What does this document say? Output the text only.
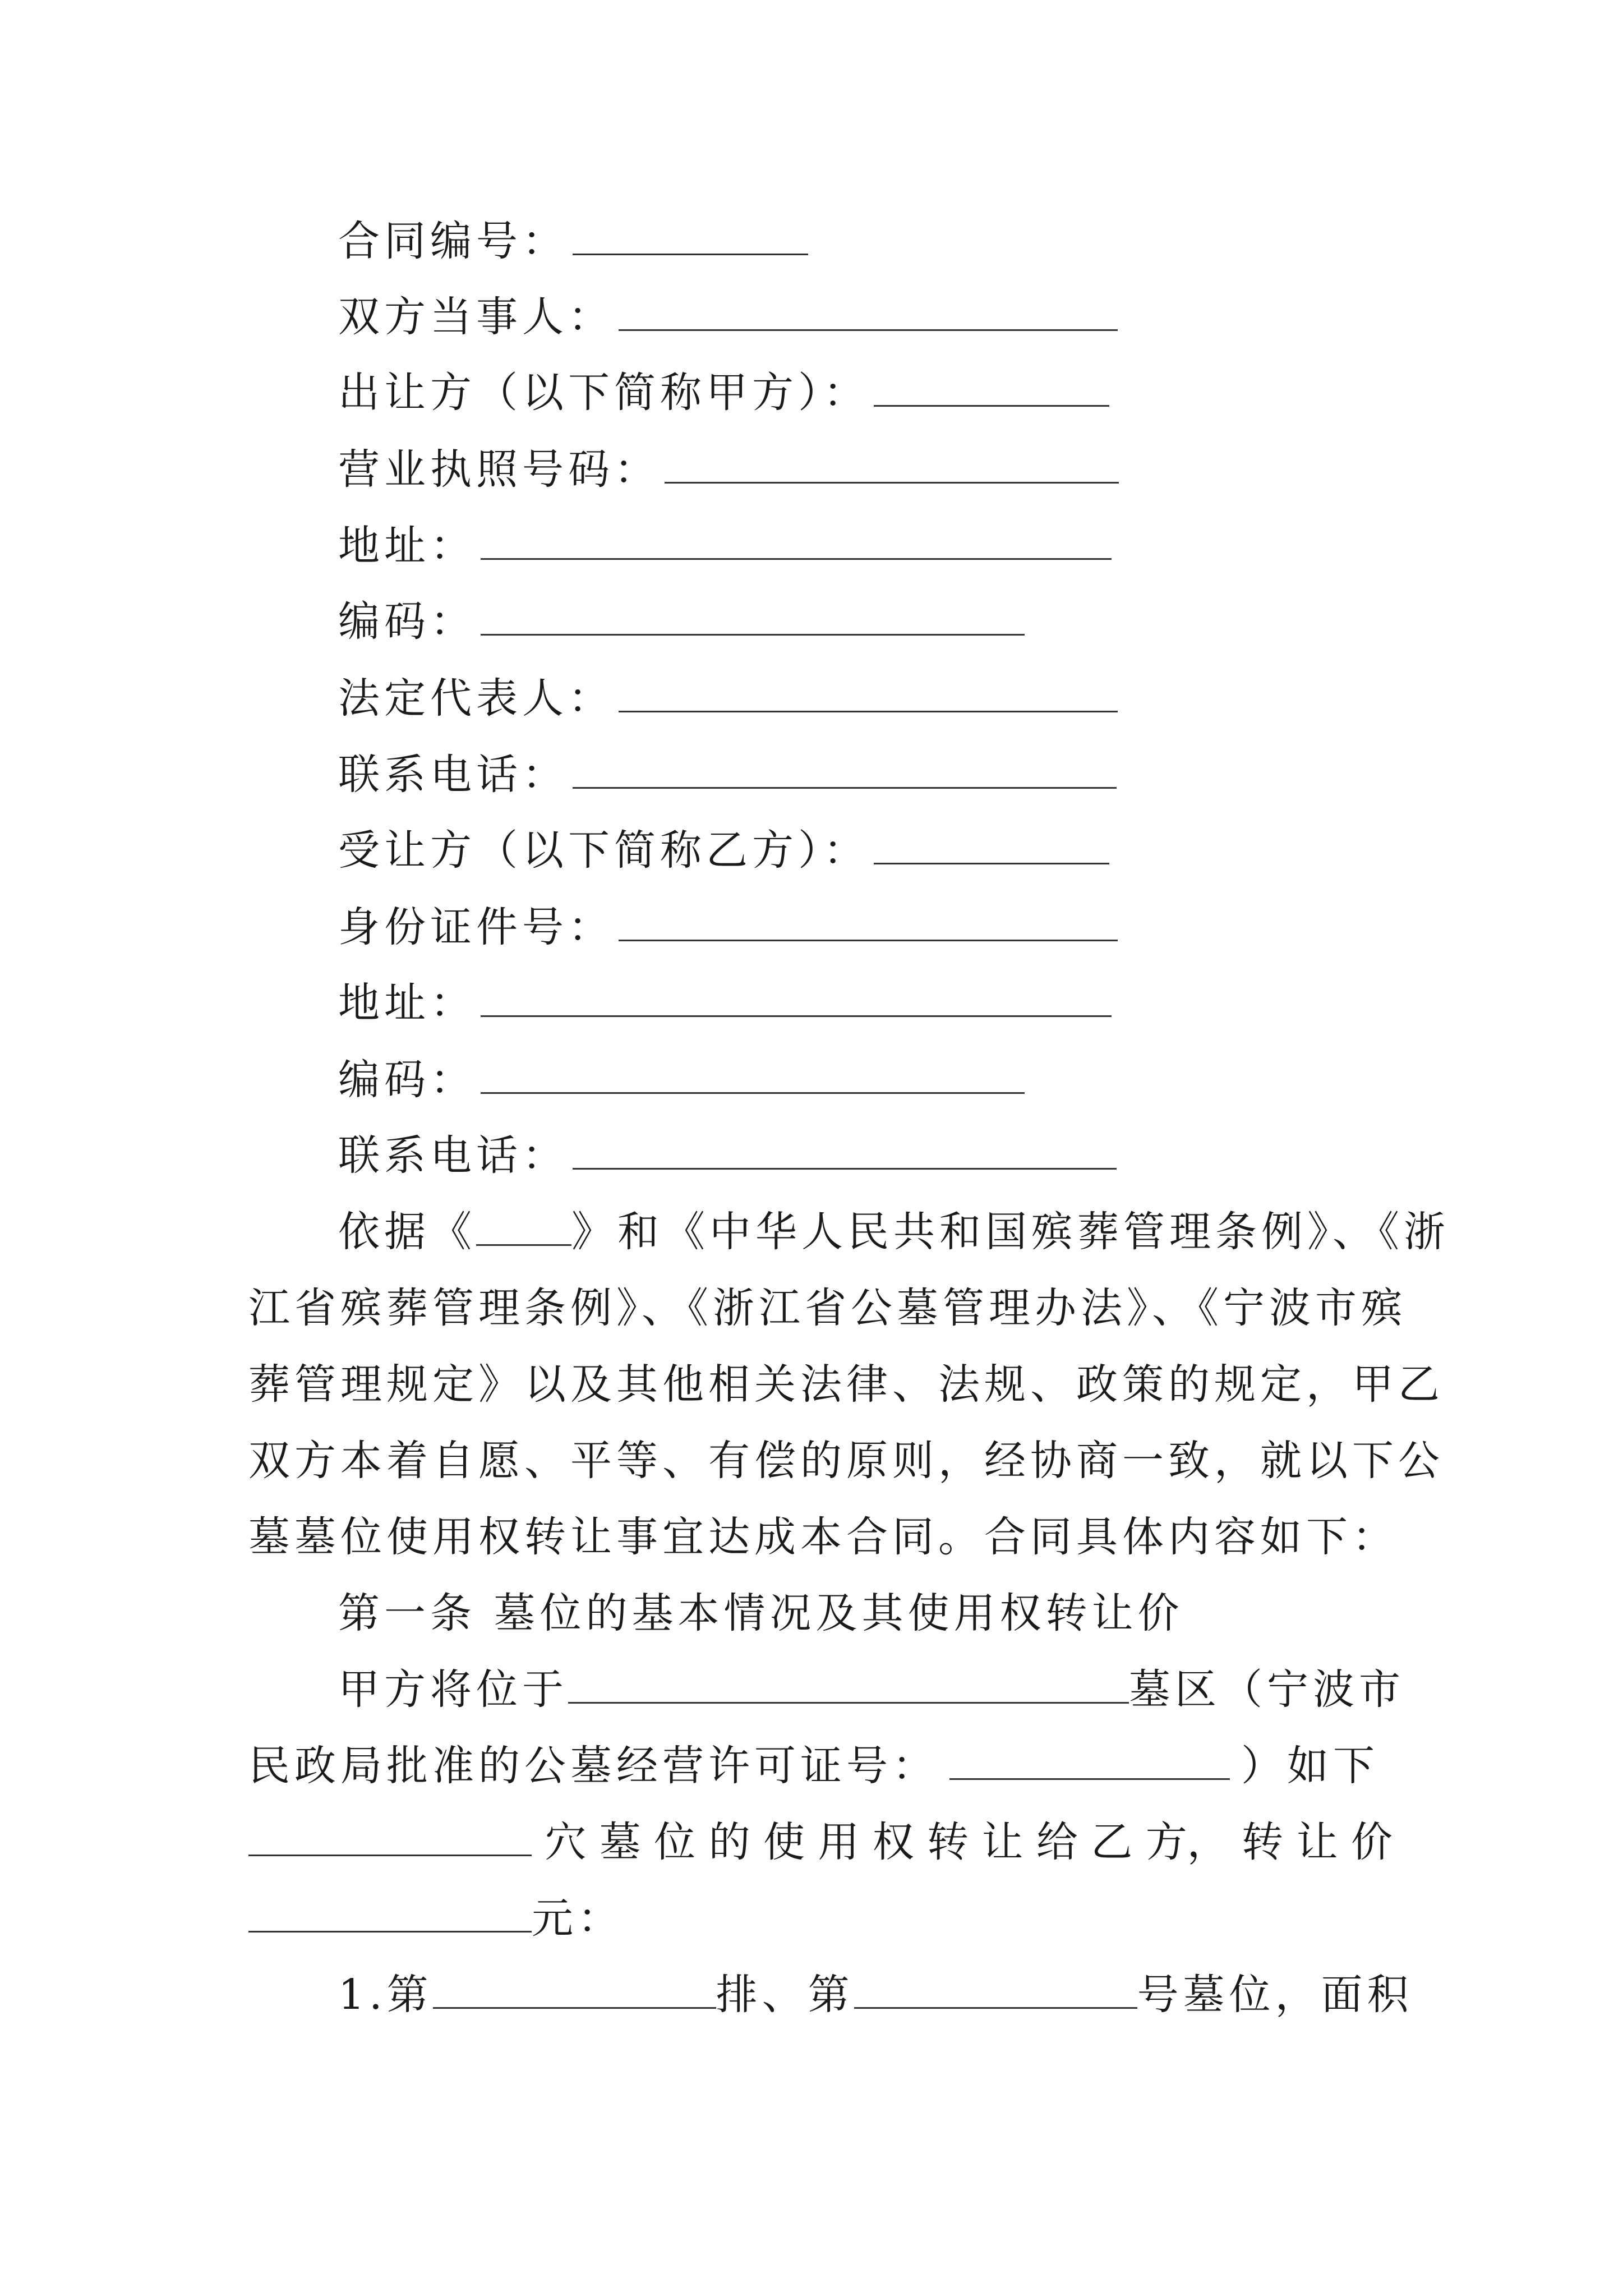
合同编号：
双方当事人：
出让方（以下简称甲方）：
营业执照号码：
地址：
编码：
法定代表人：
联系电话：
受让方（以下简称乙方）：
身份证件号：
地址：
编码：
联系电话：
依据《 》和《中华人民共和国殡葬管理条例》、《浙
江省殡葬管理条例》、《浙江省公墓管理办法》、《宁波市殡
葬管理规定》以及其他相关法律、法规、政策的规定，甲乙
双方本着自愿、平等、有偿的原则，经协商一致，就以下公
墓墓位使用权转让事宜达成本合同。合同具体内容如下：
第一条 墓位的基本情况及其使用权转让价
甲方将位于	墓区（宁波市
民政局批准的公墓经营许可证号：	）如下
穴 墓 位 的 使 用 权 转 让 给 乙 方， 转 让 价
元：
1.第	排、第	号墓位，面积
